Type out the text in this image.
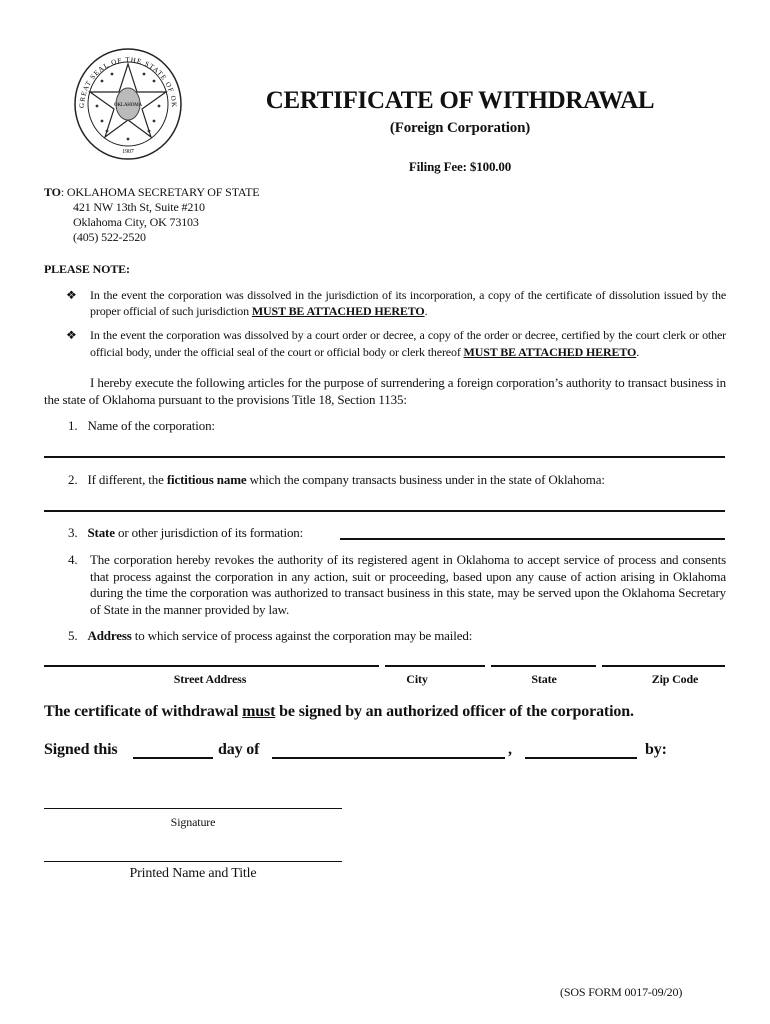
1907
OKLAHOMA
GREAT SEAL OF THE STATE OF OK	CERTIFICATE OF WITHDRAWAL
(Foreign Corporation)
Filing Fee: $100.00
TO: OKLAHOMA SECRETARY OF STATE
421 NW 13th St, Suite #210
Oklahoma City, OK 73103
(405) 522-2520
PLEASE NOTE:
❖	In the event the corporation was dissolved in the jurisdiction of its incorporation, a copy of the certificate of dissolution issued by the proper official of such jurisdiction MUST BE ATTACHED HERETO.

❖	In the event the corporation was dissolved by a court order or decree, a copy of the order or decree, certified by the court clerk or other official body, under the official seal of the court or official body or clerk thereof MUST BE ATTACHED HERETO.

I hereby execute the following articles for the purpose of surrendering a foreign corporation’s authority to transact business in the state of Oklahoma pursuant to the provisions Title 18, Section 1135:

1. Name of the corporation:
2. If different, the fictitious name which the company transacts business under in the state of Oklahoma:
3. State or other jurisdiction of its formation:
4. The corporation hereby revokes the authority of its registered agent in Oklahoma to accept service of process and consents that process against the corporation in any action, suit or proceeding, based upon any cause of action arising in Oklahoma during the time the corporation was authorized to transact business in this state, may be served upon the Oklahoma Secretary of State in the manner provided by law.

5. Address to which service of process against the corporation may be mailed:
Street Address	City	State	Zip Code
The certificate of withdrawal must be signed by an authorized officer of the corporation.
Signed this	day of	,	by:
Signature
Printed Name and Title
(SOS FORM 0017-09/20)
